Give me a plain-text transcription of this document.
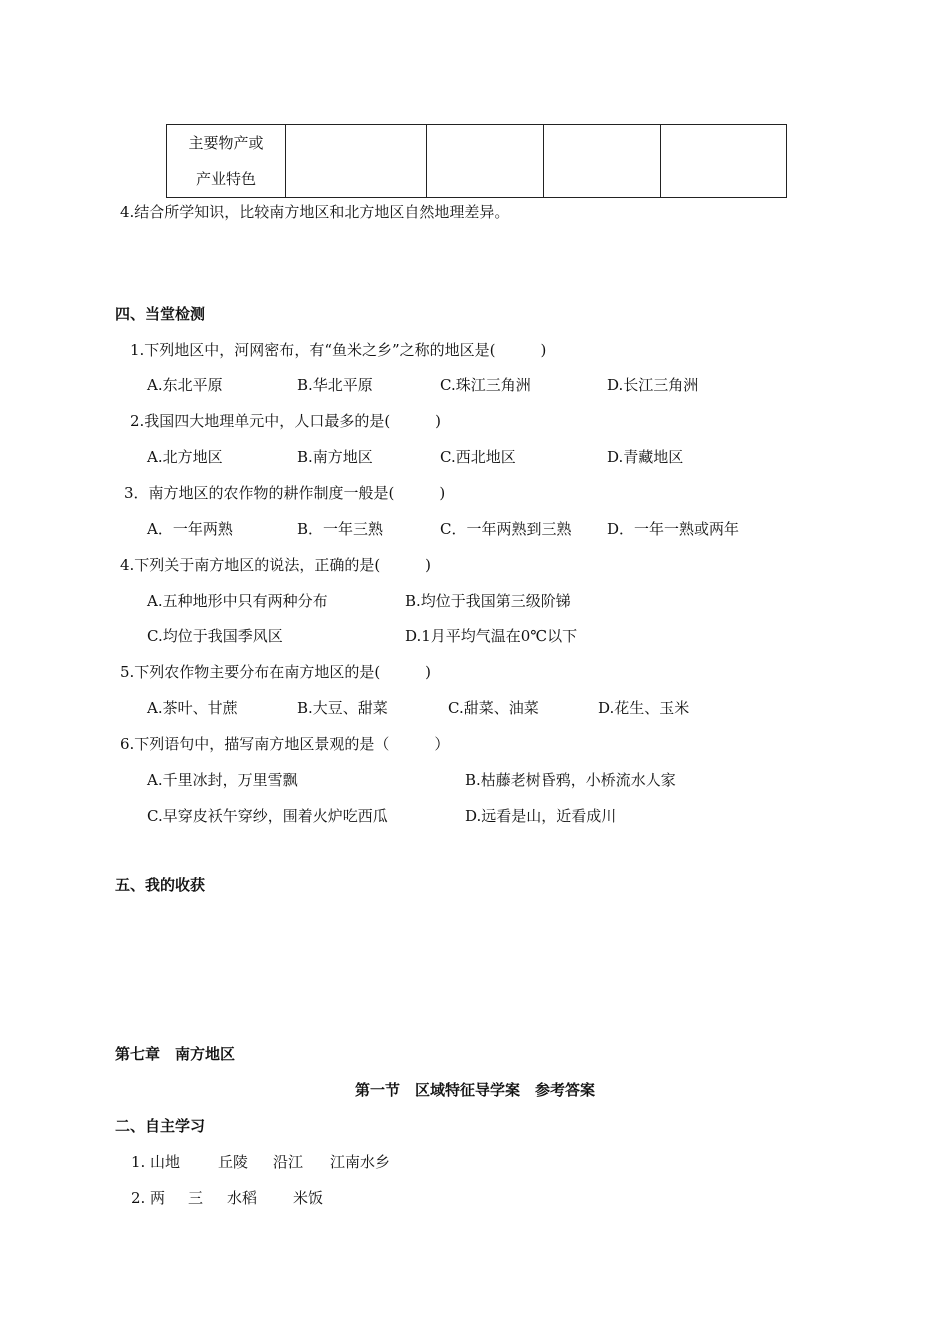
主要物产或
产业特色

4.结合所学知识，比较南方地区和北方地区自然地理差异。
四、当堂检测
1.下列地区中，河网密布，有“鱼米之乡”之称的地区是(　　　)
A.东北平原	B.华北平原	C.珠江三角洲	D.长江三角洲
2.我国四大地理单元中，人口最多的是(　　　)
A.北方地区	B.南方地区	C.西北地区	D.青藏地区
3．南方地区的农作物的耕作制度一般是(　　　)
A．一年两熟	B．一年三熟	C．一年两熟到三熟 D．一年一熟或两年
4.下列关于南方地区的说法，正确的是(　　　)
A.五种地形中只有两种分布	B.均位于我国第三级阶锑
C.均位于我国季风区	D.1月平均气温在0℃以下
5.下列农作物主要分布在南方地区的是(　　　)
A.茶叶、甘蔗	B.大豆、甜菜	C.甜菜、油菜	D.花生、玉米
6.下列语句中，描写南方地区景观的是（　　　）
A.千里冰封，万里雪飘	B.枯藤老树昏鸦，小桥流水人家
C.早穿皮袄午穿纱，围着火炉吃西瓜	D.远看是山，近看成川
五、我的收获
第七章　南方地区
第一节　区域特征导学案　参考答案
二、自主学习
1. 山地	丘陵 沿江 江南水乡
2. 两 三 水稻 米饭
